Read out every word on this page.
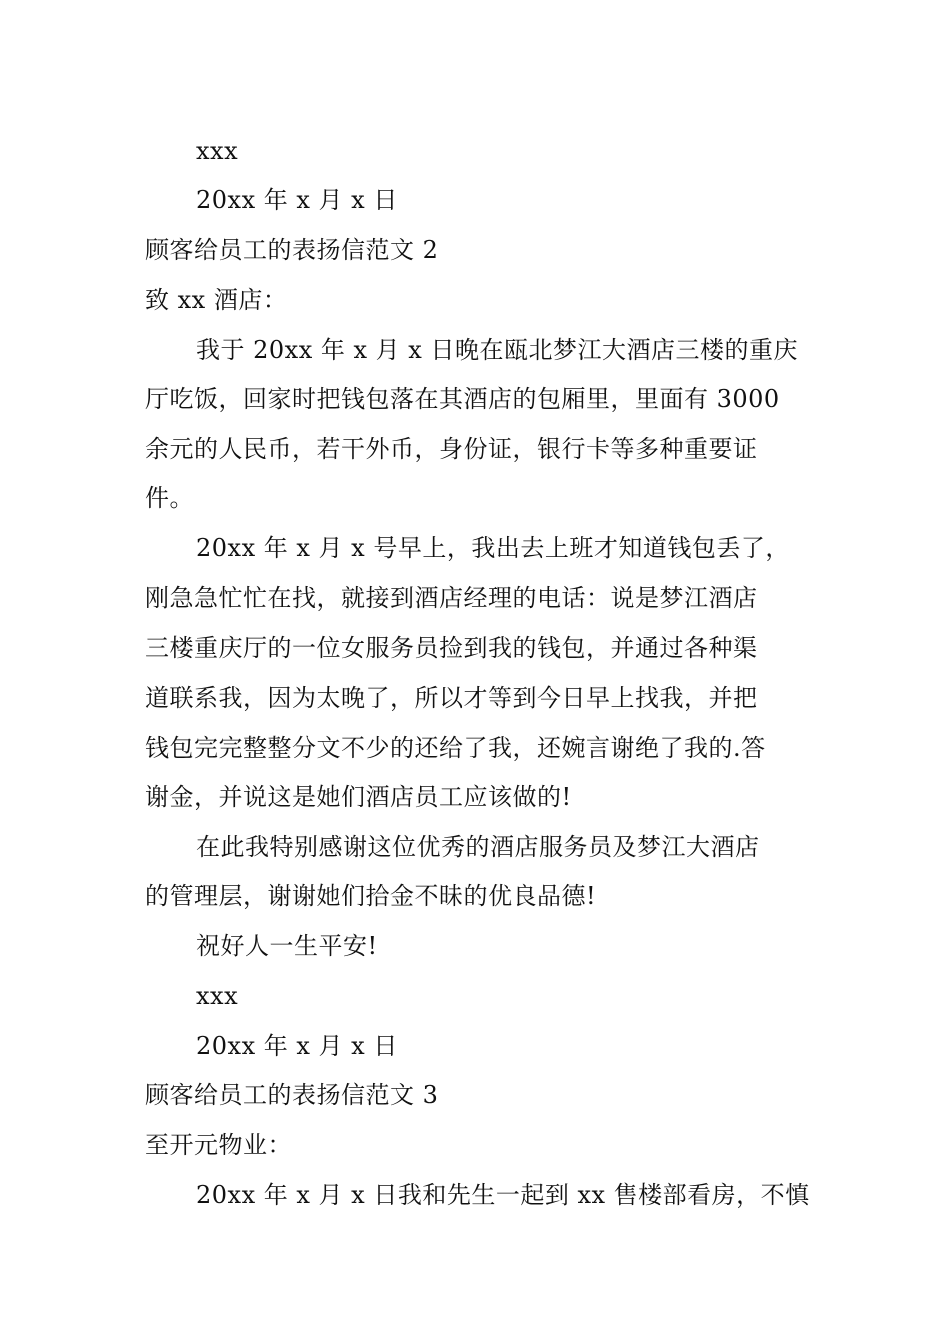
xxx
20xx 年 x 月 x 日
顾客给员工的表扬信范文 2
致 xx 酒店：
我于 20xx 年 x 月 x 日晚在瓯北梦江大酒店三楼的重庆
厅吃饭，回家时把钱包落在其酒店的包厢里，里面有 3000
余元的人民币，若干外币，身份证，银行卡等多种重要证
件。
20xx 年 x 月 x 号早上，我出去上班才知道钱包丢了，
刚急急忙忙在找，就接到酒店经理的电话：说是梦江酒店
三楼重庆厅的一位女服务员捡到我的钱包，并通过各种渠
道联系我，因为太晚了，所以才等到今日早上找我，并把
钱包完完整整分文不少的还给了我，还婉言谢绝了我的.答
谢金，并说这是她们酒店员工应该做的!
在此我特别感谢这位优秀的酒店服务员及梦江大酒店
的管理层，谢谢她们拾金不昧的优良品德!
祝好人一生平安!
xxx
20xx 年 x 月 x 日
顾客给员工的表扬信范文 3
至开元物业：
20xx 年 x 月 x 日我和先生一起到 xx 售楼部看房，不慎
